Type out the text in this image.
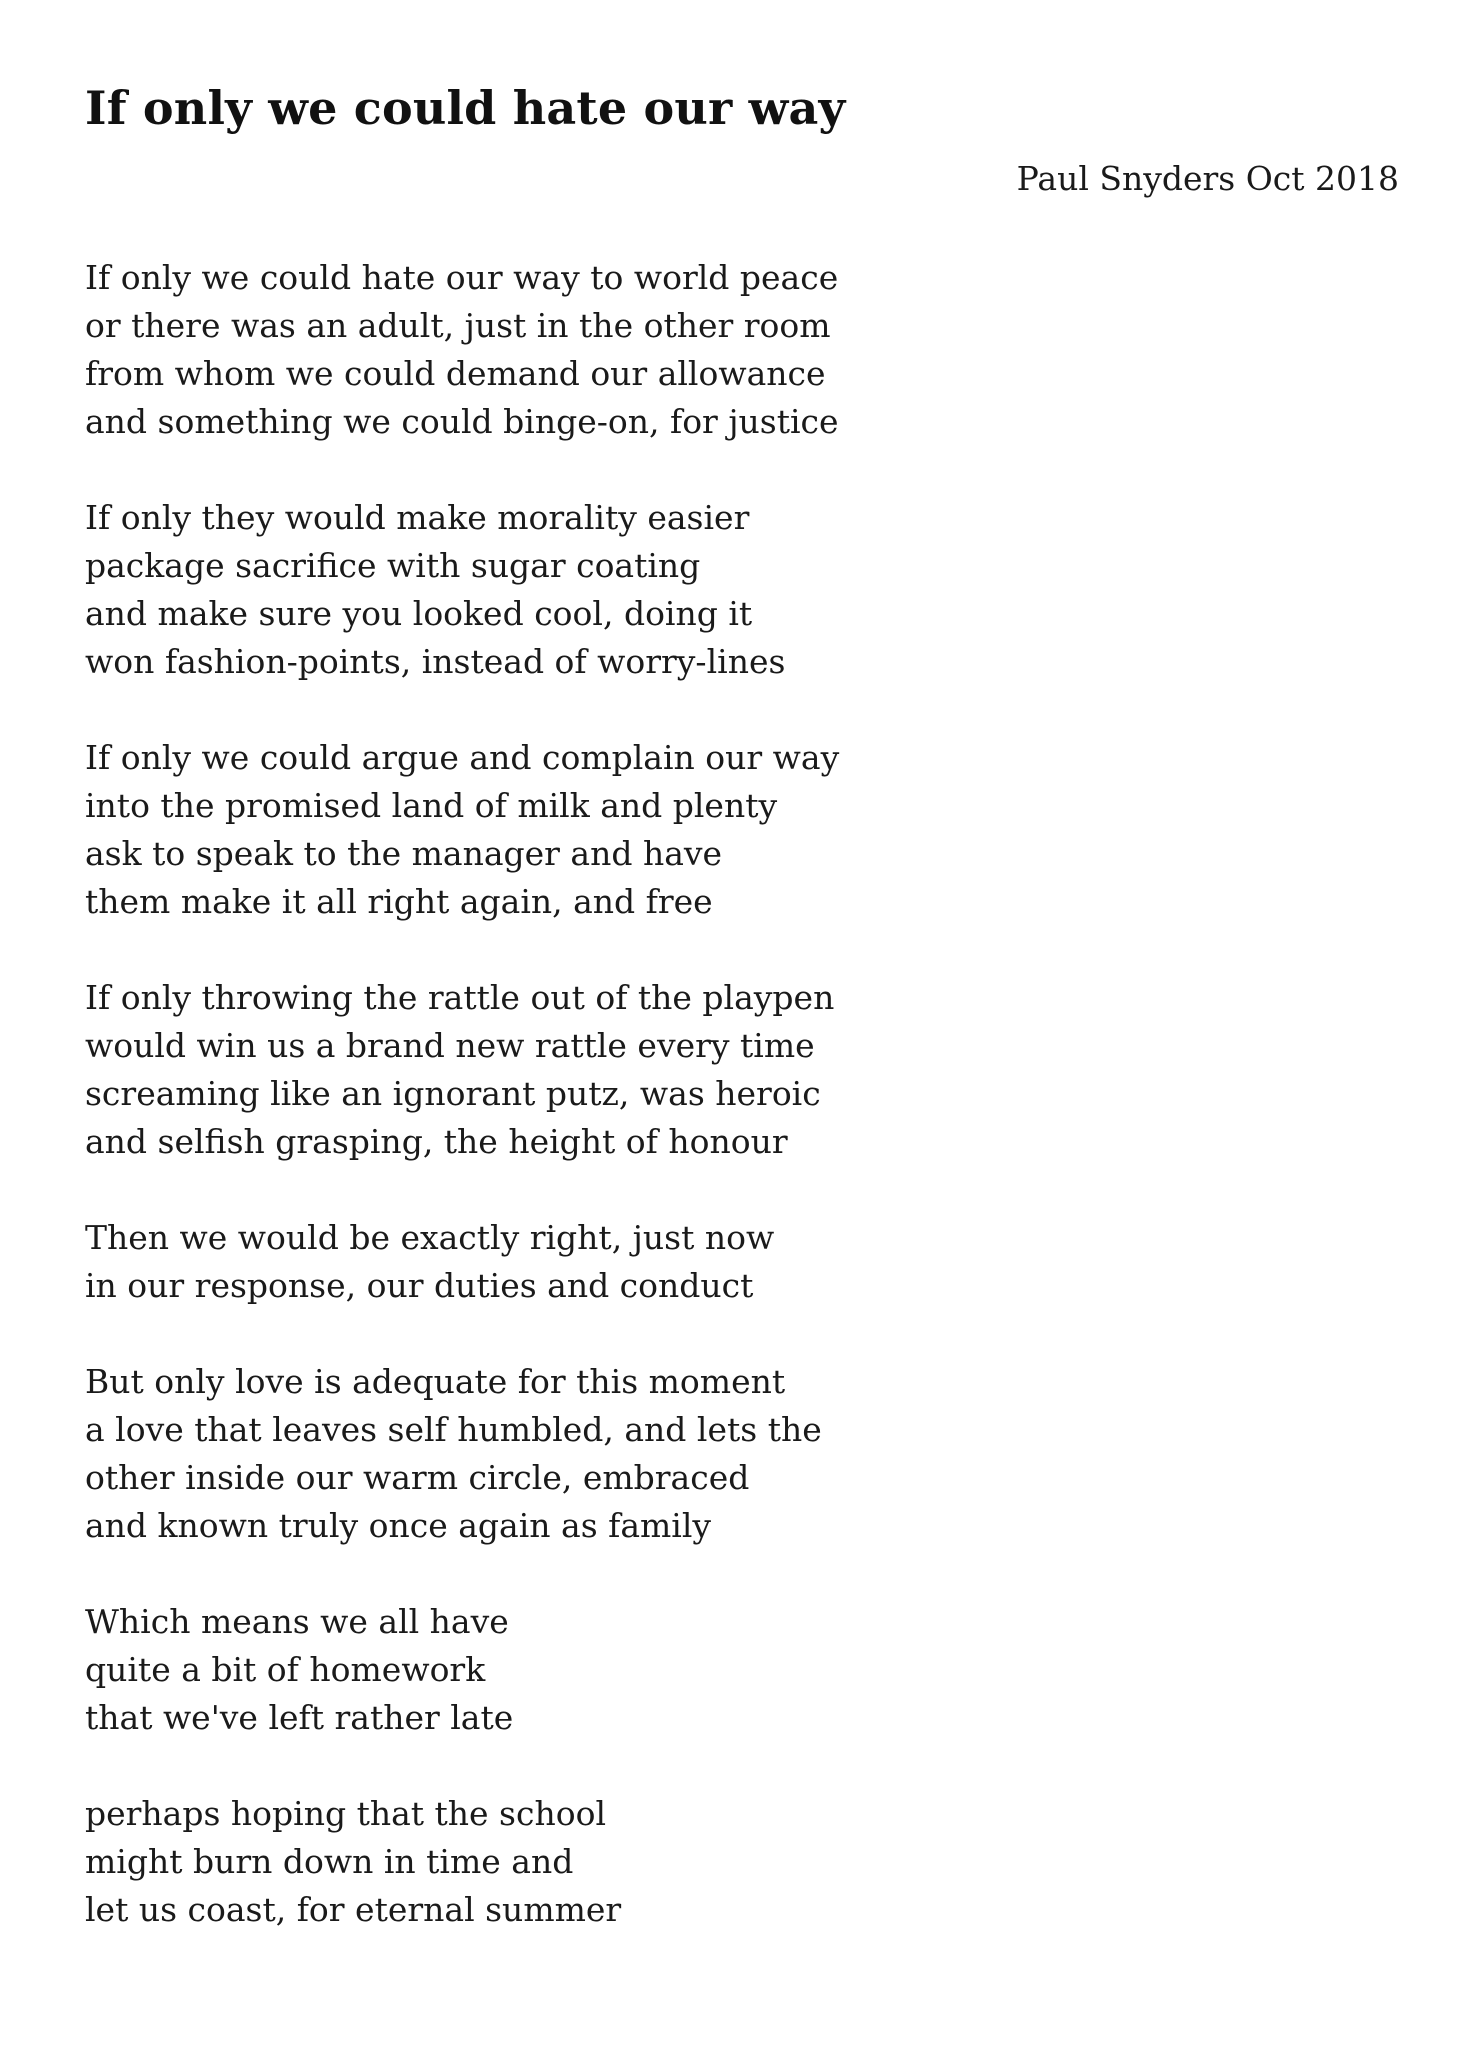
If only we could hate our way

Paul Snyders Oct 2018

If only we could hate our way to world peace
or there was an adult, just in the other room
from whom we could demand our allowance
and something we could binge-on, for justice
If only they would make morality easier
package sacrifice with sugar coating
and make sure you looked cool, doing it
won fashion-points, instead of worry-lines
If only we could argue and complain our way
into the promised land of milk and plenty
ask to speak to the manager and have
them make it all right again, and free
If only throwing the rattle out of the playpen
would win us a brand new rattle every time
screaming like an ignorant putz, was heroic
and selfish grasping, the height of honour
Then we would be exactly right, just now
in our response, our duties and conduct
But only love is adequate for this moment
a love that leaves self humbled, and lets the
other inside our warm circle, embraced
and known truly once again as family
Which means we all have
quite a bit of homework
that we've left rather late
perhaps hoping that the school
might burn down in time and
let us coast, for eternal summer
